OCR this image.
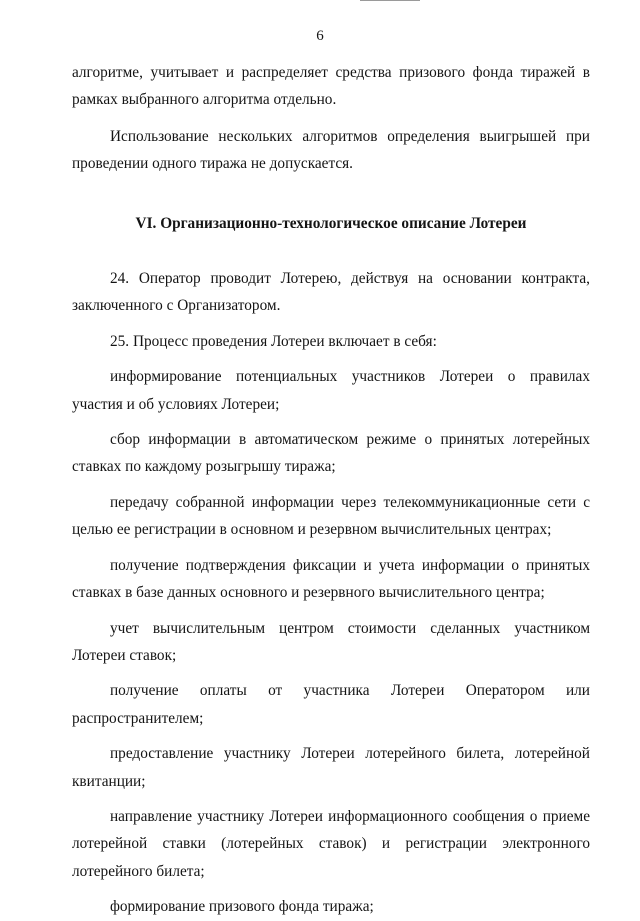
6

алгоритме, учитывает и распределяет средства призового фонда тиражей в рамках выбранного алгоритма отдельно.

Использование нескольких алгоритмов определения выигрышей при проведении одного тиража не допускается.

VI. Организационно-технологическое описание Лотереи

24. Оператор проводит Лотерею, действуя на основании контракта, заключенного с Организатором.

25. Процесс проведения Лотереи включает в себя:

информирование потенциальных участников Лотереи о правилах участия и об условиях Лотереи;

сбор информации в автоматическом режиме о принятых лотерейных ставках по каждому розыгрышу тиража;

передачу собранной информации через телекоммуникационные сети с целью ее регистрации в основном и резервном вычислительных центрах;

получение подтверждения фиксации и учета информации о принятых ставках в базе данных основного и резервного вычислительного центра;

учет вычислительным центром стоимости сделанных участником Лотереи ставок;

получение оплаты от участника Лотереи Оператором или распространителем;

предоставление участнику Лотереи лотерейного билета, лотерейной квитанции;

направление участнику Лотереи информационного сообщения о приеме лотерейной ставки (лотерейных ставок) и регистрации электронного лотерейного билета;

формирование призового фонда тиража;
